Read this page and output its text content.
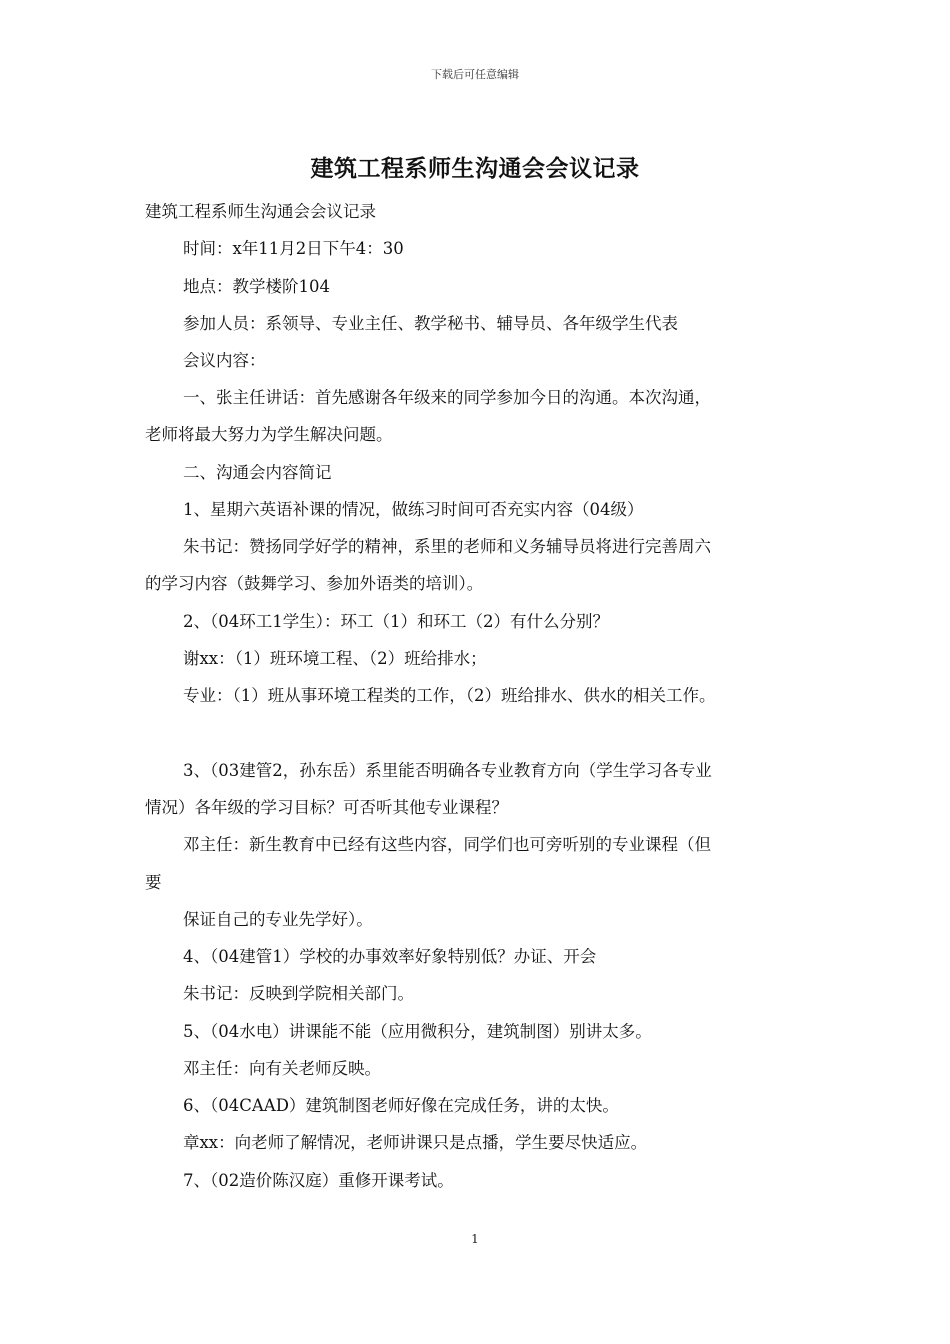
下载后可任意编辑
建筑工程系师生沟通会会议记录
建筑工程系师生沟通会会议记录
时间：x年11月2日下午4：30
地点：教学楼阶104
参加人员：系领导、专业主任、教学秘书、辅导员、各年级学生代表
会议内容：
一、张主任讲话：首先感谢各年级来的同学参加今日的沟通。本次沟通，
老师将最大努力为学生解决问题。
二、沟通会内容简记
1、星期六英语补课的情况，做练习时间可否充实内容（04级）
朱书记：赞扬同学好学的精神，系里的老师和义务辅导员将进行完善周六
的学习内容（鼓舞学习、参加外语类的培训）。
2、（04环工1学生）：环工（1）和环工（2）有什么分别？
谢xx：（1）班环境工程、（2）班给排水；
专业：（1）班从事环境工程类的工作，（2）班给排水、供水的相关工作。
3、（03建管2，孙东岳）系里能否明确各专业教育方向（学生学习各专业
情况）各年级的学习目标？可否听其他专业课程？
邓主任：新生教育中已经有这些内容，同学们也可旁听别的专业课程（但
要
保证自己的专业先学好）。
4、（04建管1）学校的办事效率好象特别低？办证、开会
朱书记：反映到学院相关部门。
5、（04水电）讲课能不能（应用微积分，建筑制图）别讲太多。
邓主任：向有关老师反映。
6、（04CAAD）建筑制图老师好像在完成任务，讲的太快。
章xx：向老师了解情况，老师讲课只是点播，学生要尽快适应。
7、（02造价陈汉庭）重修开课考试。
1
